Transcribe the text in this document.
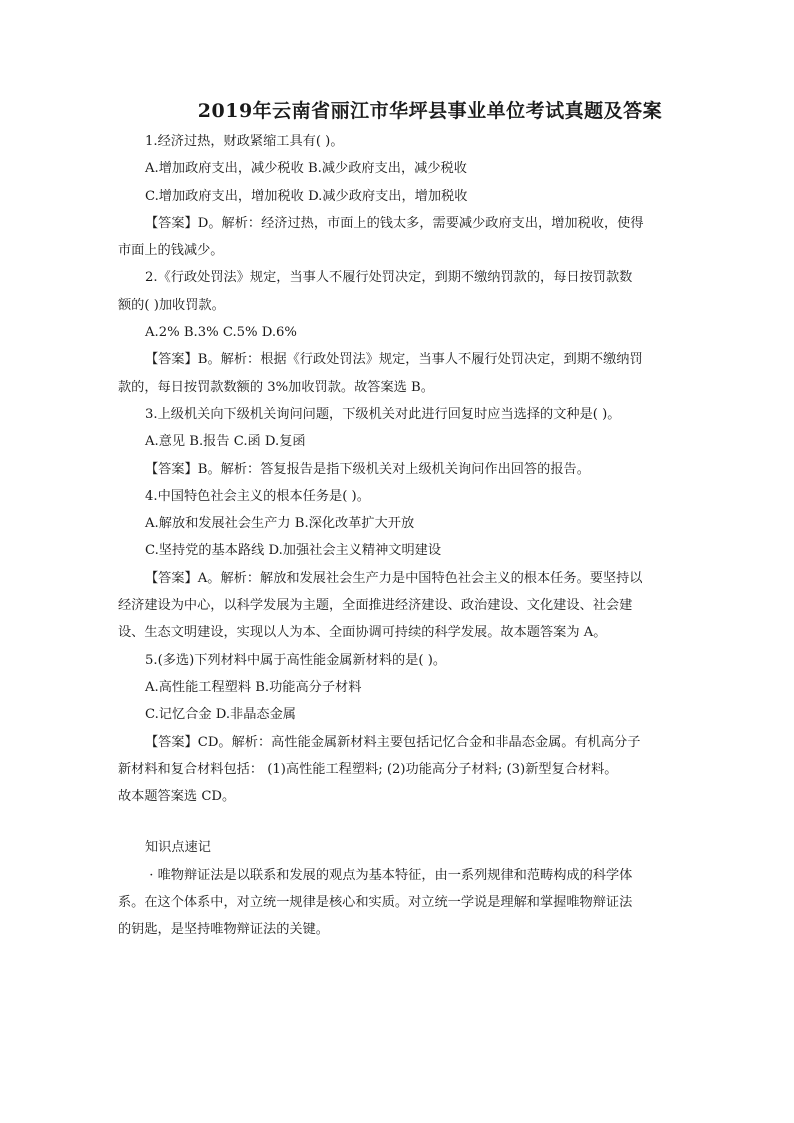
2019年云南省丽江市华坪县事业单位考试真题及答案

1.经济过热，财政紧缩工具有( )。

A.增加政府支出，减少税收 B.减少政府支出，减少税收

C.增加政府支出，增加税收 D.减少政府支出，增加税收

【答案】D。解析：经济过热，市面上的钱太多，需要减少政府支出，增加税收，使得

市面上的钱减少。

2.《行政处罚法》规定，当事人不履行处罚决定，到期不缴纳罚款的，每日按罚款数

额的( )加收罚款。

A.2% B.3% C.5% D.6%

【答案】B。解析：根据《行政处罚法》规定，当事人不履行处罚决定，到期不缴纳罚

款的，每日按罚款数额的 3%加收罚款。故答案选 B。

3.上级机关向下级机关询问问题，下级机关对此进行回复时应当选择的文种是( )。

A.意见 B.报告 C.函 D.复函

【答案】B。解析：答复报告是指下级机关对上级机关询问作出回答的报告。

4.中国特色社会主义的根本任务是( )。

A.解放和发展社会生产力 B.深化改革扩大开放

C.坚持党的基本路线 D.加强社会主义精神文明建设

【答案】A。解析：解放和发展社会生产力是中国特色社会主义的根本任务。要坚持以

经济建设为中心，以科学发展为主题，全面推进经济建设、政治建设、文化建设、社会建

设、生态文明建设，实现以人为本、全面协调可持续的科学发展。故本题答案为 A。

5.(多选)下列材料中属于高性能金属新材料的是( )。

A.高性能工程塑料 B.功能高分子材料

C.记忆合金 D.非晶态金属

【答案】CD。解析：高性能金属新材料主要包括记忆合金和非晶态金属。有机高分子

新材料和复合材料包括： (1)高性能工程塑料; (2)功能高分子材料; (3)新型复合材料。

故本题答案选 CD。

知识点速记

· 唯物辩证法是以联系和发展的观点为基本特征，由一系列规律和范畴构成的科学体

系。在这个体系中，对立统一规律是核心和实质。对立统一学说是理解和掌握唯物辩证法

的钥匙，是坚持唯物辩证法的关键。
